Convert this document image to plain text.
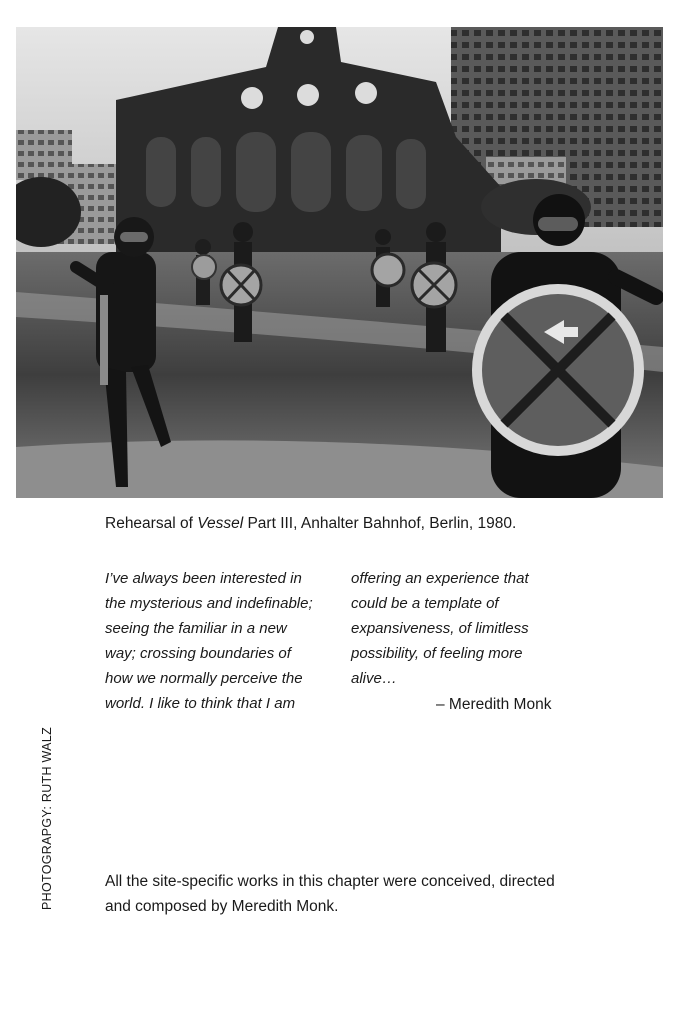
Rehearsal of Vessel Part III, Anhalter Bahnhof, Berlin, 1980.
I’ve always been interested in
the mysterious and indefinable;
seeing the familiar in a new
way; crossing boundaries of
how we normally perceive the
world. I like to think that I am
offering an experience that
could be a template of
expansiveness, of limitless
possibility, of feeling more
alive…
– Meredith Monk
PHOTOGRAPGY: RUTH WALZ	All the site-specific works in this chapter were conceived, directed
and composed by Meredith Monk.
